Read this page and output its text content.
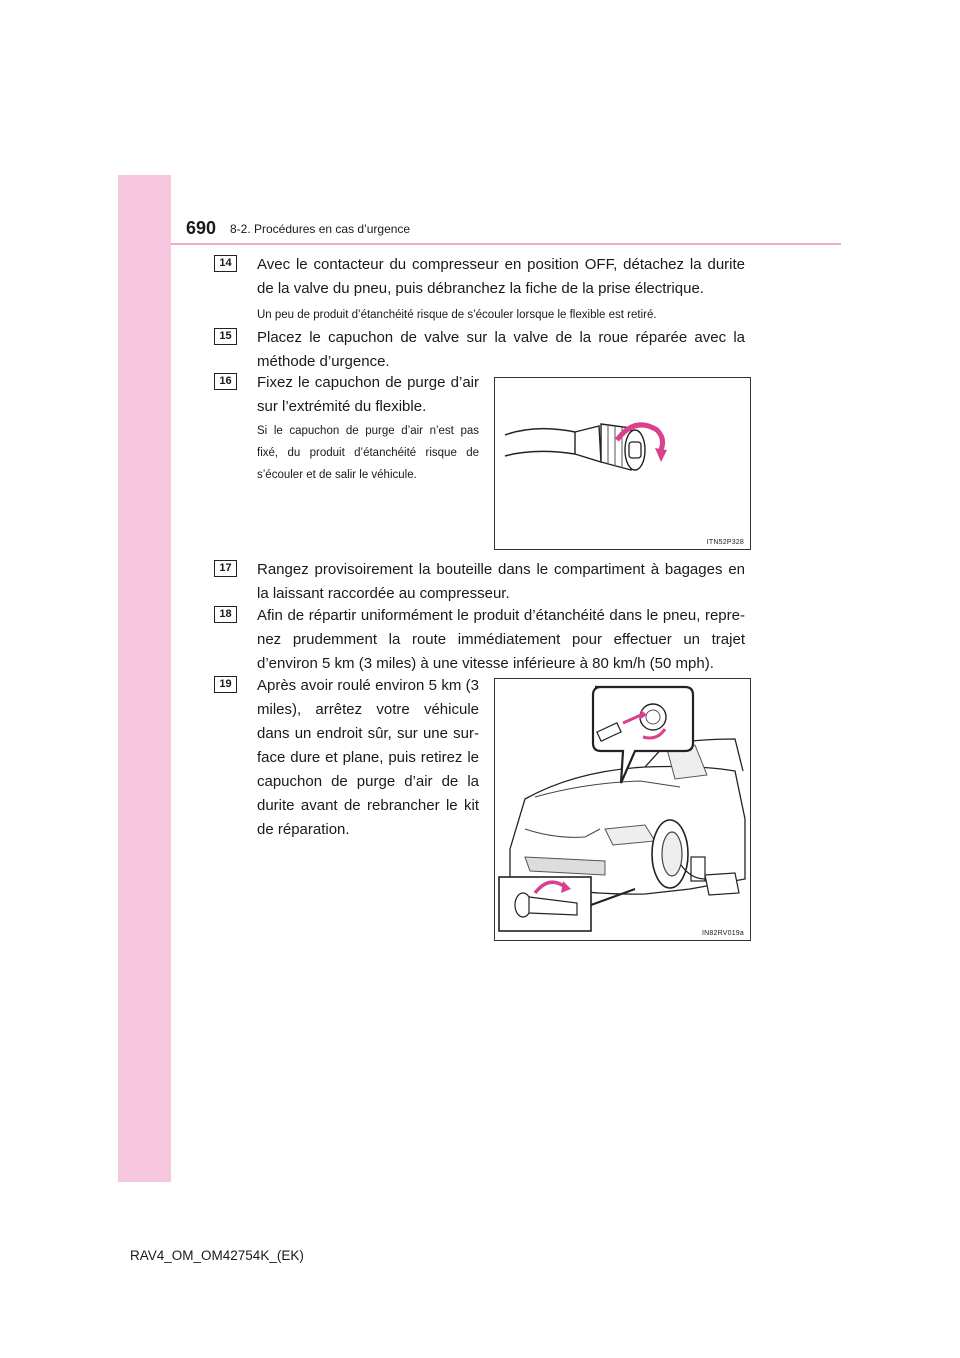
690 8-2. Procédures en cas d’urgence
14	Avec le contacteur du compresseur en position OFF, détachez la durite de la valve du pneu, puis débranchez la fiche de la prise électrique.
Un peu de produit d’étanchéité risque de s’écouler lorsque le flexible est retiré.
15	Placez le capuchon de valve sur la valve de la roue réparée avec la méthode d’urgence.
16	Fixez le capuchon de purge d’air sur l’extrémité du flexible.
Si le capuchon de purge d’air n’est pas fixé, du produit d’étanchéité risque de s’écouler et de salir le véhicule.
ITN52P328
17	Rangez provisoirement la bouteille dans le compartiment à bagages en la laissant raccordée au compresseur.
18	Afin de répartir uniformément le produit d’étanchéité dans le pneu, repre-nez prudemment la route immédiatement pour effectuer un trajet d’environ 5 km (3 miles) à une vitesse inférieure à 80 km/h (50 mph).
19	Après avoir roulé environ 5 km (3 miles), arrêtez votre véhicule dans un endroit sûr, sur une sur-face dure et plane, puis retirez le capuchon de purge d’air de la durite avant de rebrancher le kit de réparation.
IN82RV019a
RAV4_OM_OM42754K_(EK)
